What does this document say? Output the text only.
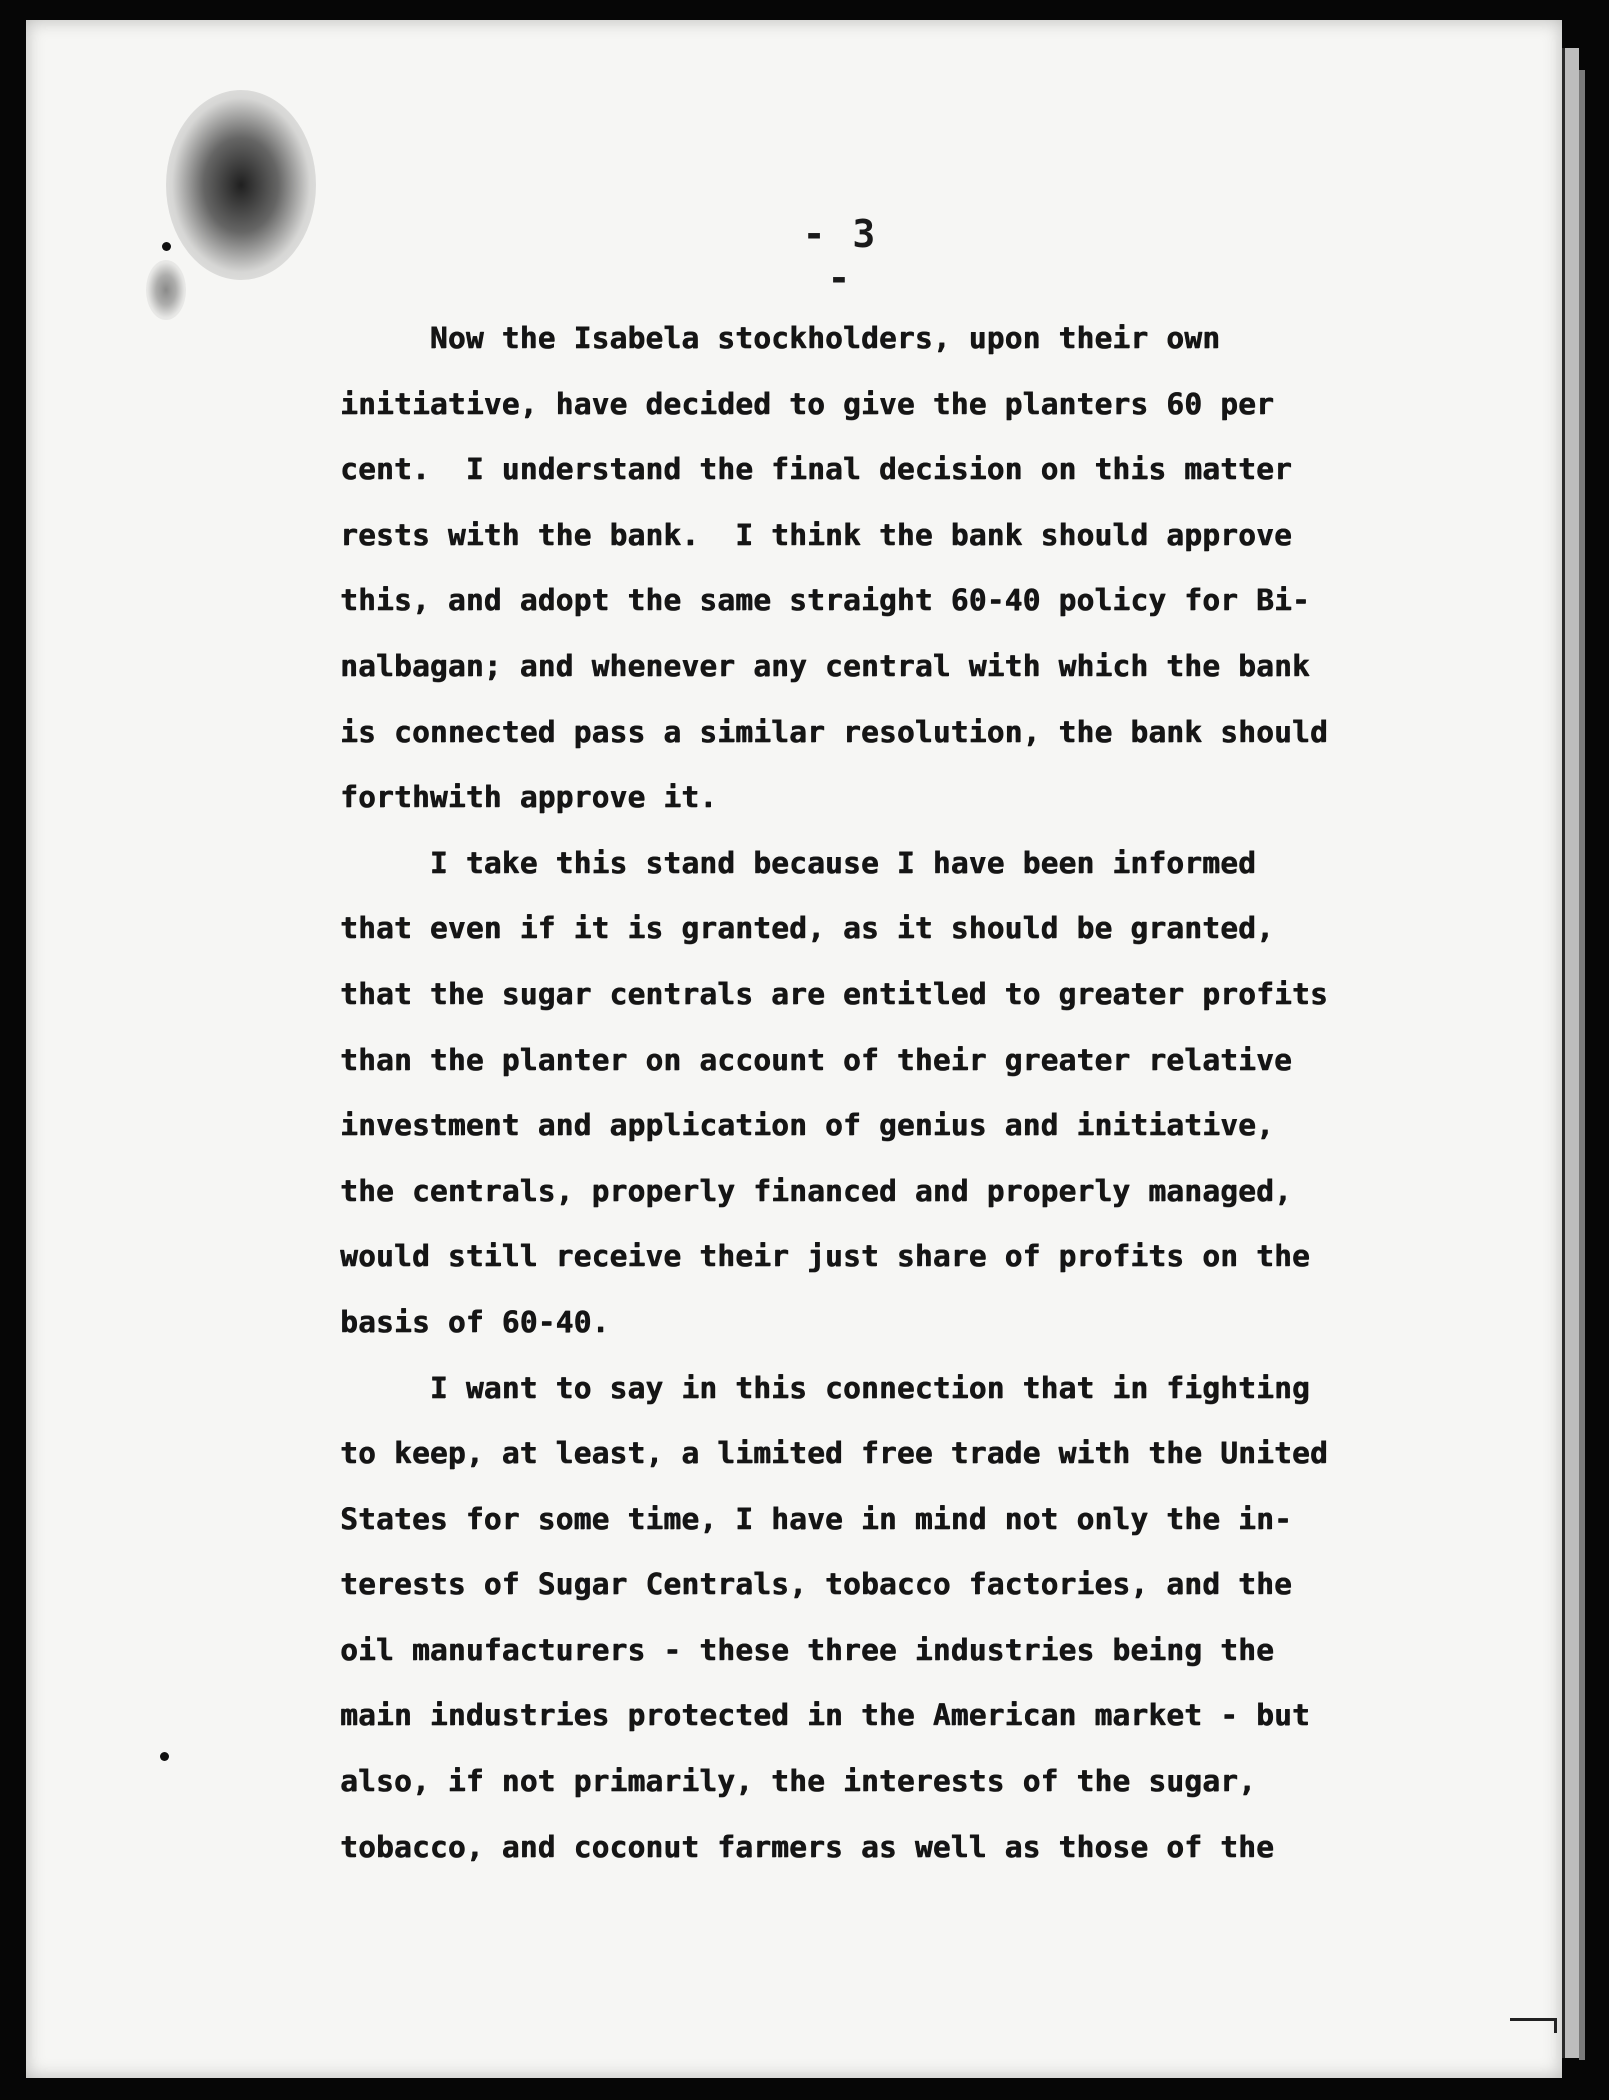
- 3 -
Now the Isabela stockholders, upon their own
initiative, have decided to give the planters 60 per
cent.  I understand the final decision on this matter
rests with the bank.  I think the bank should approve
this, and adopt the same straight 60-40 policy for Bi-
nalbagan; and whenever any central with which the bank
is connected pass a similar resolution, the bank should
forthwith approve it.
I take this stand because I have been informed
that even if it is granted, as it should be granted,
that the sugar centrals are entitled to greater profits
than the planter on account of their greater relative
investment and application of genius and initiative,
the centrals, properly financed and properly managed,
would still receive their just share of profits on the
basis of 60-40.
I want to say in this connection that in fighting
to keep, at least, a limited free trade with the United
States for some time, I have in mind not only the in-
terests of Sugar Centrals, tobacco factories, and the
oil manufacturers - these three industries being the
main industries protected in the American market - but
also, if not primarily, the interests of the sugar,
tobacco, and coconut farmers as well as those of the
